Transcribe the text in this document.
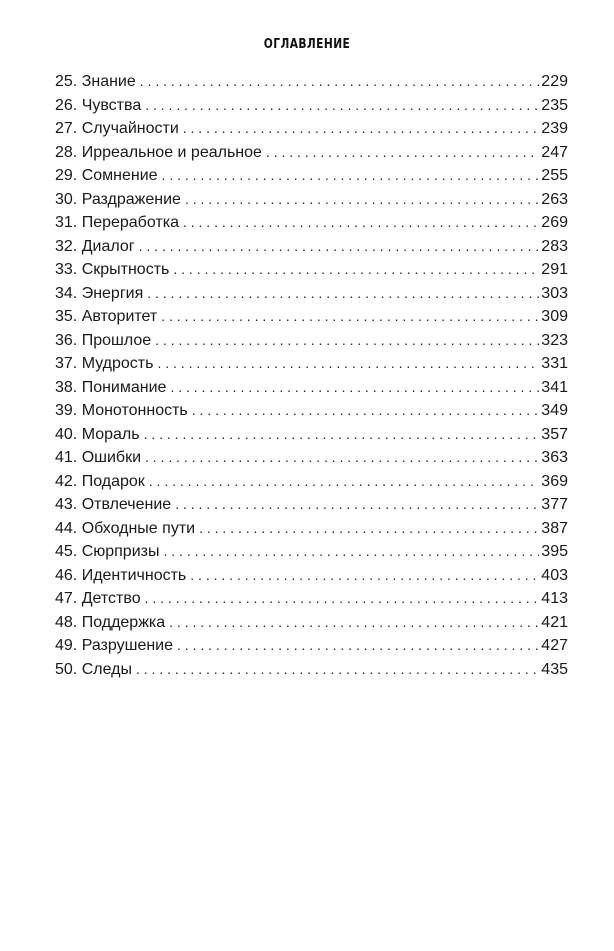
ОГЛАВЛЕНИЕ
25. Знание . . .	229
26. Чувства . . .	235
27. Случайности . . .	239
28. Ирреальное и реальное . . .	247
29. Сомнение . . .	255
30. Раздражение . . .	263
31. Переработка . . .	269
32. Диалог . . .	283
33. Скрытность . . .	291
34. Энергия . . .	303
35. Авторитет . . .	309
36. Прошлое . . .	323
37. Мудрость . . .	331
38. Понимание . . .	341
39. Монотонность . . .	349
40. Мораль . . .	357
41. Ошибки . . .	363
42. Подарок . . .	369
43. Отвлечение . . .	377
44. Обходные пути . . .	387
45. Сюрпризы . . .	395
46. Идентичность . . .	403
47. Детство . . .	413
48. Поддержка . . .	421
49. Разрушение . . .	427
50. Следы . . .	435
